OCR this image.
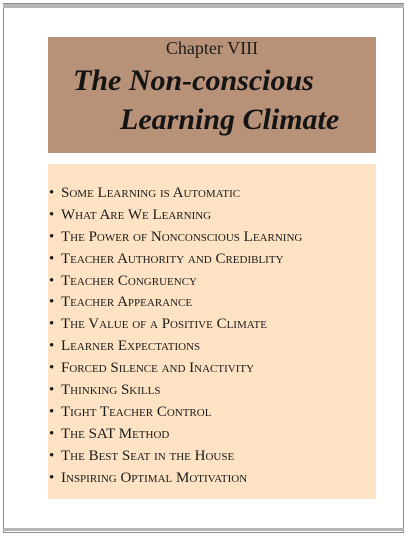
Chapter VIII
The Non-conscious
Learning Climate
• Some Learning is Automatic
• What Are We Learning
• The Power of Nonconscious Learning
• Teacher Authority and Crediblity
• Teacher Congruency
• Teacher Appearance
• The Value of a Positive Climate
• Learner Expectations
• Forced Silence and Inactivity
• Thinking Skills
• Tight Teacher Control
• The SAT Method
• The Best Seat in the House
• Inspiring Optimal Motivation
